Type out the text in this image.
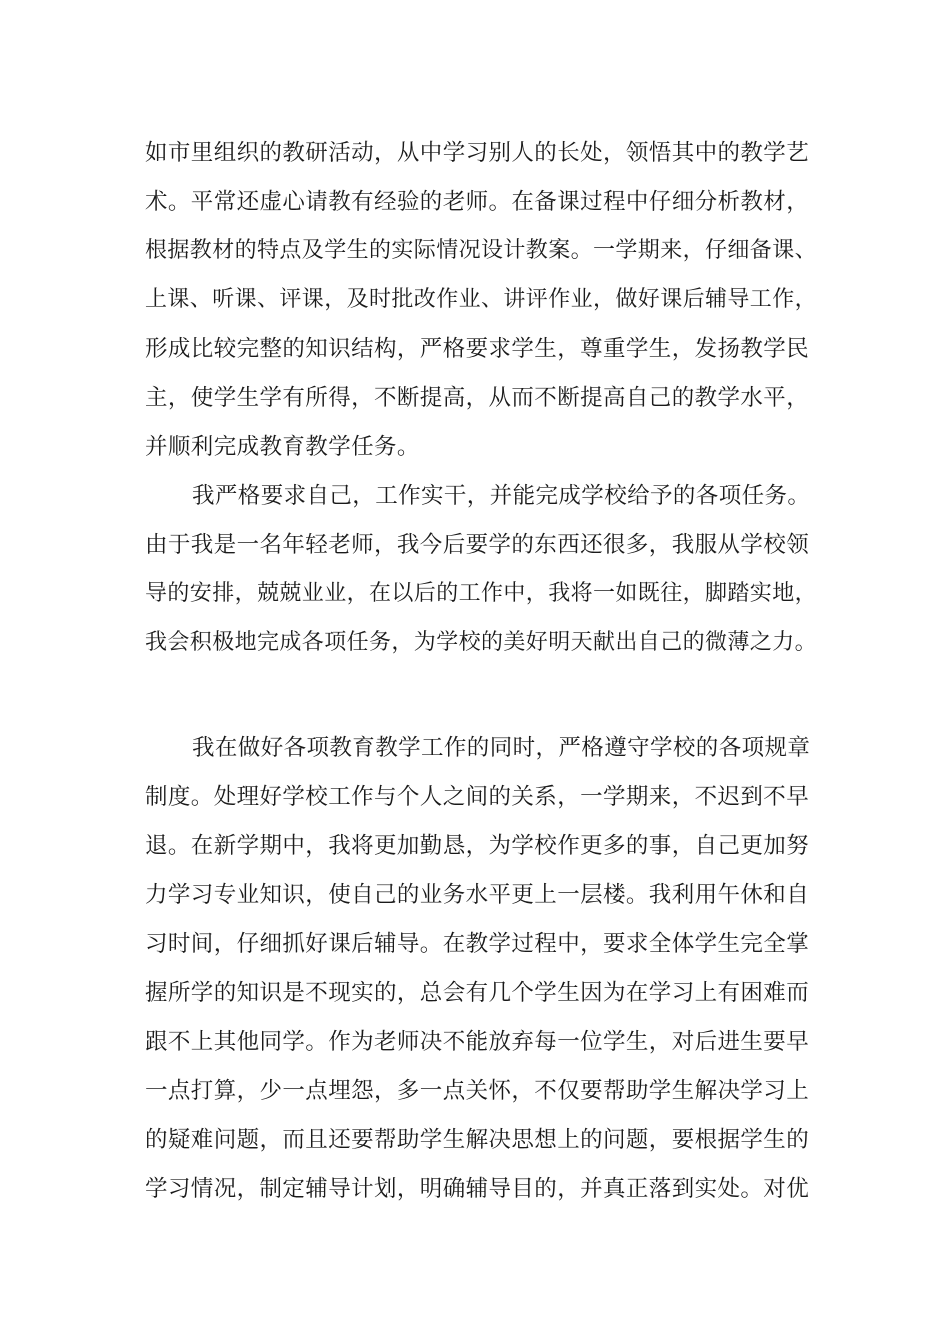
如市里组织的教研活动，从中学习别人的长处，领悟其中的教学艺
术。平常还虚心请教有经验的老师。在备课过程中仔细分析教材，
根据教材的特点及学生的实际情况设计教案。一学期来，仔细备课、
上课、听课、评课，及时批改作业、讲评作业，做好课后辅导工作，
形成比较完整的知识结构，严格要求学生，尊重学生，发扬教学民
主，使学生学有所得，不断提高，从而不断提高自己的教学水平，
并顺利完成教育教学任务。
我严格要求自己，工作实干，并能完成学校给予的各项任务。
由于我是一名年轻老师，我今后要学的东西还很多，我服从学校领
导的安排，兢兢业业，在以后的工作中，我将一如既往，脚踏实地，
我会积极地完成各项任务，为学校的美好明天献出自己的微薄之力。
我在做好各项教育教学工作的同时，严格遵守学校的各项规章
制度。处理好学校工作与个人之间的关系，一学期来，不迟到不早
退。在新学期中，我将更加勤恳，为学校作更多的事，自己更加努
力学习专业知识，使自己的业务水平更上一层楼。我利用午休和自
习时间，仔细抓好课后辅导。在教学过程中，要求全体学生完全掌
握所学的知识是不现实的，总会有几个学生因为在学习上有困难而
跟不上其他同学。作为老师决不能放弃每一位学生，对后进生要早
一点打算，少一点埋怨，多一点关怀，不仅要帮助学生解决学习上
的疑难问题，而且还要帮助学生解决思想上的问题，要根据学生的
学习情况，制定辅导计划，明确辅导目的，并真正落到实处。对优
